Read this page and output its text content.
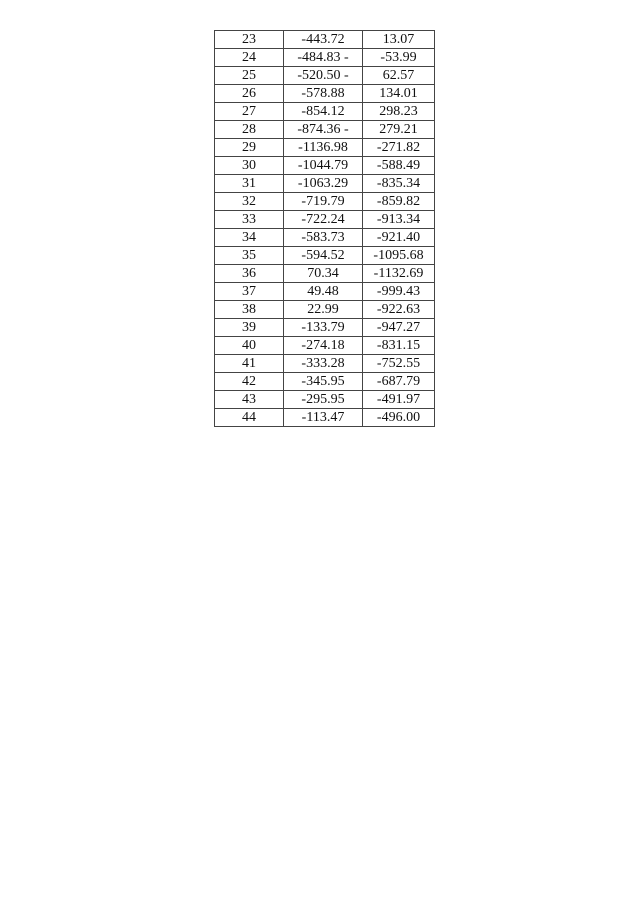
23	-443.72	13.07
24	-484.83 -	-53.99
25	-520.50 -	62.57
26	-578.88	134.01
27	-854.12	298.23
28	-874.36 -	279.21
29	-1136.98	-271.82
30	-1044.79	-588.49
31	-1063.29	-835.34
32	-719.79	-859.82
33	-722.24	-913.34
34	-583.73	-921.40
35	-594.52	-1095.68
36	70.34	-1132.69
37	49.48	-999.43
38	22.99	-922.63
39	-133.79	-947.27
40	-274.18	-831.15
41	-333.28	-752.55
42	-345.95	-687.79
43	-295.95	-491.97
44	-113.47	-496.00
